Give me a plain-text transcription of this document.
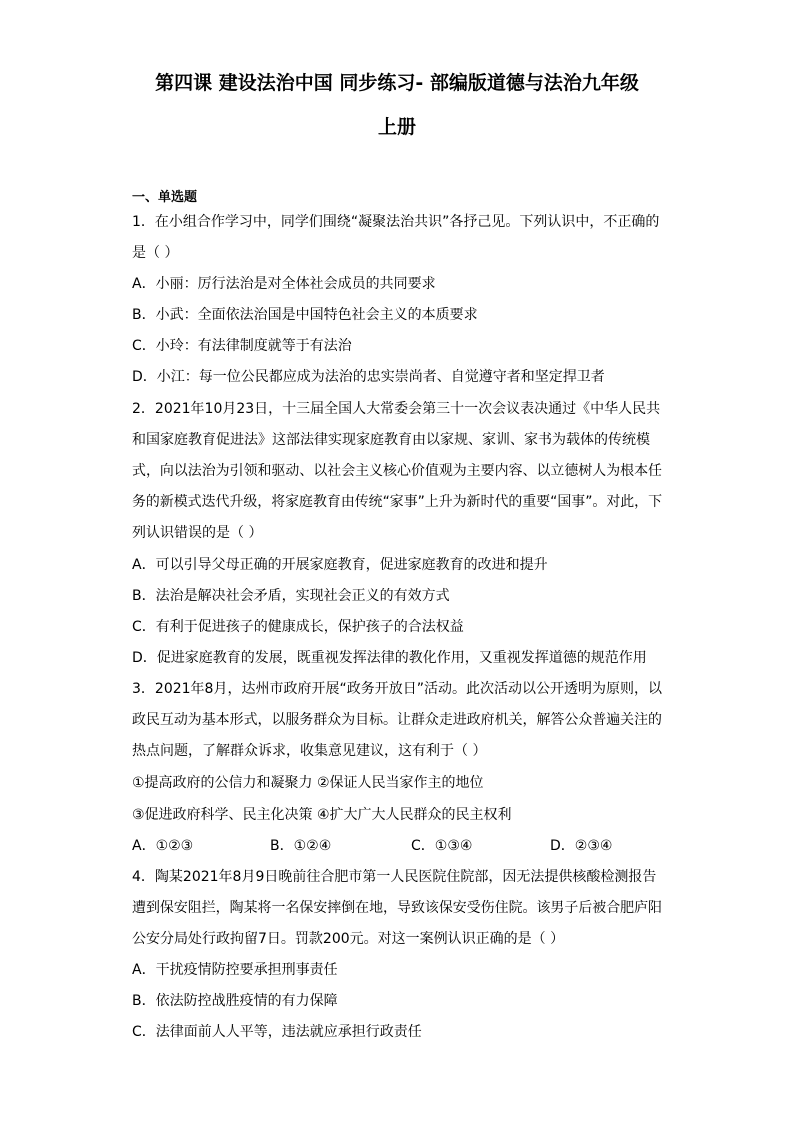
第四课 建设法治中国 同步练习- 部编版道德与法治九年级
上册
一、单选题
1．在小组合作学习中，同学们围绕“凝聚法治共识”各抒己见。下列认识中，不正确的
是（ ）
A．小丽：厉行法治是对全体社会成员的共同要求
B．小武：全面依法治国是中国特色社会主义的本质要求
C．小玲：有法律制度就等于有法治
D．小江：每一位公民都应成为法治的忠实崇尚者、自觉遵守者和坚定捍卫者
2．2021年10月23日，十三届全国人大常委会第三十一次会议表决通过《中华人民共
和国家庭教育促进法》这部法律实现家庭教育由以家规、家训、家书为载体的传统模
式，向以法治为引领和驱动、以社会主义核心价值观为主要内容、以立德树人为根本任
务的新模式迭代升级，将家庭教育由传统“家事”上升为新时代的重要“国事”。对此，下
列认识错误的是（ ）
A．可以引导父母正确的开展家庭教育，促进家庭教育的改进和提升
B．法治是解决社会矛盾，实现社会正义的有效方式
C．有利于促进孩子的健康成长，保护孩子的合法权益
D．促进家庭教育的发展，既重视发挥法律的教化作用，又重视发挥道德的规范作用
3．2021年8月，达州市政府开展“政务开放日”活动。此次活动以公开透明为原则，以
政民互动为基本形式，以服务群众为目标。让群众走进政府机关，解答公众普遍关注的
热点问题，了解群众诉求，收集意见建议，这有利于（ ）
①提高政府的公信力和凝聚力 ②保证人民当家作主的地位
③促进政府科学、民主化决策 ④扩大广大人民群众的民主权利
A．①②③	B．①②④	C．①③④	D．②③④
4．陶某2021年8月9日晚前往合肥市第一人民医院住院部，因无法提供核酸检测报告
遭到保安阻拦，陶某将一名保安摔倒在地，导致该保安受伤住院。该男子后被合肥庐阳
公安分局处行政拘留7日。罚款200元。对这一案例认识正确的是（ ）
A．干扰疫情防控要承担刑事责任
B．依法防控战胜疫情的有力保障
C．法律面前人人平等，违法就应承担行政责任
